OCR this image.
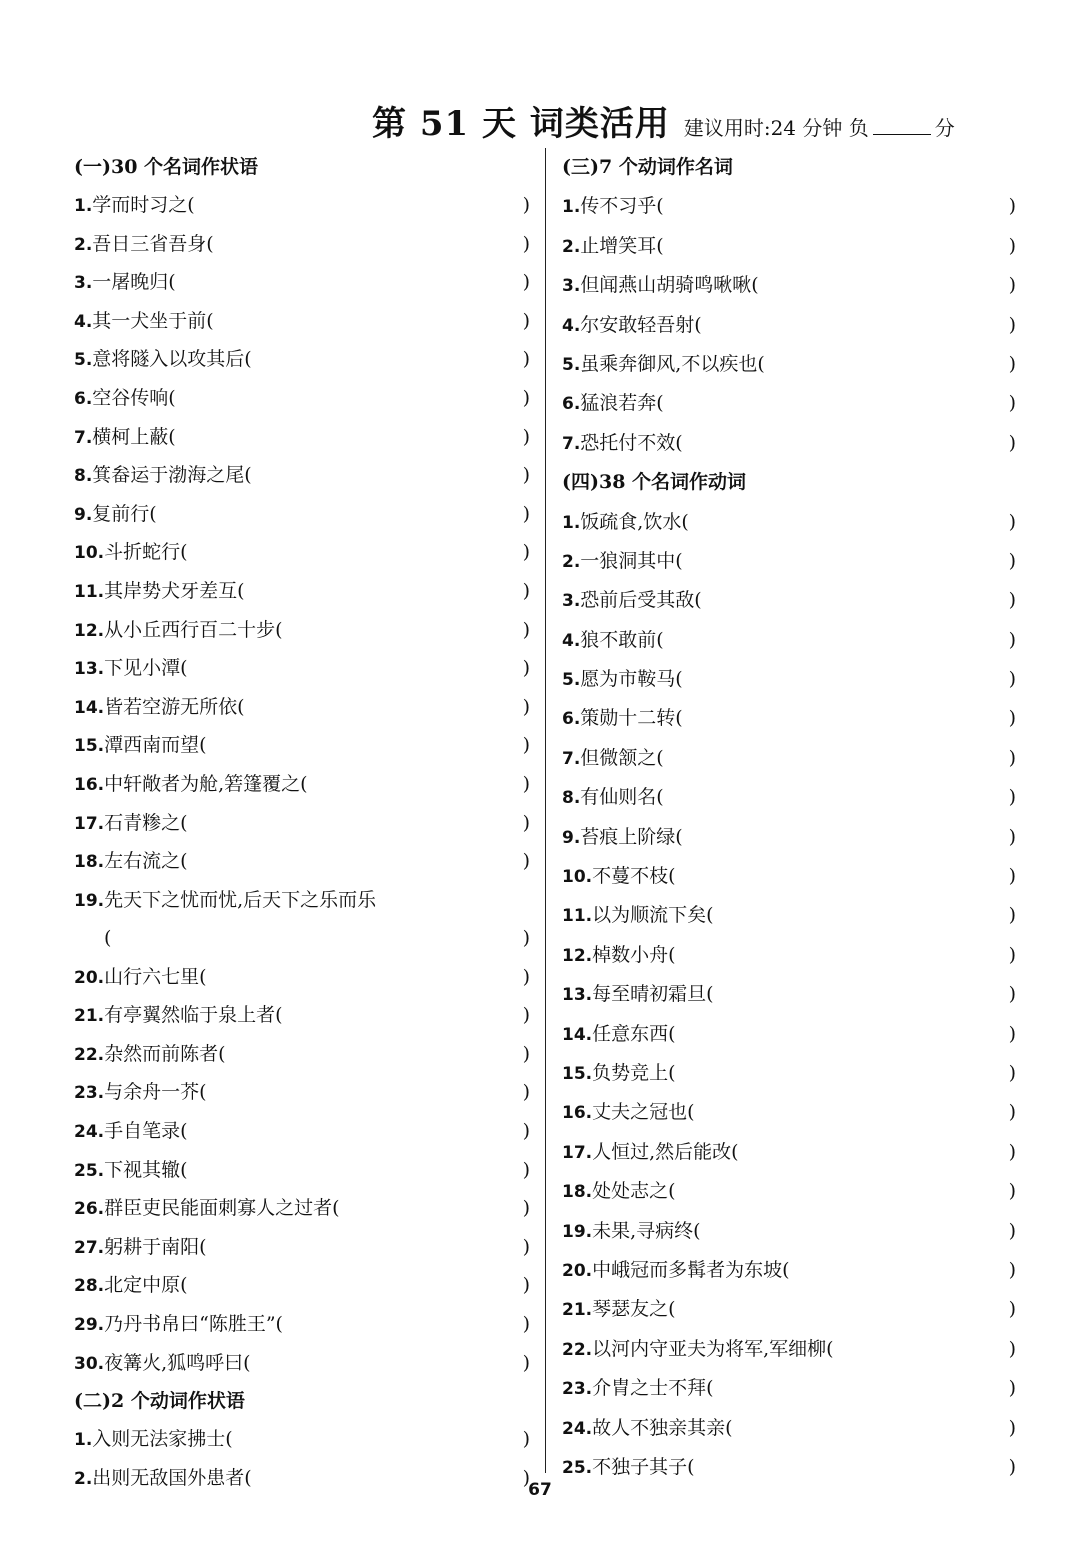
第 51 天 词类活用 建议用时:24 分钟 负	分
(一)30 个名词作状语
1.学而时习之(	)
2.吾日三省吾身(	)
3.一屠晚归(	)
4.其一犬坐于前(	)
5.意将隧入以攻其后(	)
6.空谷传响(	)
7.横柯上蔽(	)
8.箕畚运于渤海之尾(	)
9.复前行(	)
10.斗折蛇行(	)
11.其岸势犬牙差互(	)
12.从小丘西行百二十步(	)
13.下见小潭(	)
14.皆若空游无所依(	)
15.潭西南而望(	)
16.中轩敞者为舱,箬篷覆之(	)
17.石青糁之(	)
18.左右流之(	)
19.先天下之忧而忧,后天下之乐而乐
(	)
20.山行六七里(	)
21.有亭翼然临于泉上者(	)
22.杂然而前陈者(	)
23.与余舟一芥(	)
24.手自笔录(	)
25.下视其辙(	)
26.群臣吏民能面刺寡人之过者(	)
27.躬耕于南阳(	)
28.北定中原(	)
29.乃丹书帛曰“陈胜王”(	)
30.夜篝火,狐鸣呼曰(	)
(二)2 个动词作状语
1.入则无法家拂士(	)
2.出则无敌国外患者(	)
(三)7 个动词作名词
1.传不习乎(	)
2.止增笑耳(	)
3.但闻燕山胡骑鸣啾啾(	)
4.尔安敢轻吾射(	)
5.虽乘奔御风,不以疾也(	)
6.猛浪若奔(	)
7.恐托付不效(	)
(四)38 个名词作动词
1.饭疏食,饮水(	)
2.一狼洞其中(	)
3.恐前后受其敌(	)
4.狼不敢前(	)
5.愿为市鞍马(	)
6.策勋十二转(	)
7.但微颔之(	)
8.有仙则名(	)
9.苔痕上阶绿(	)
10.不蔓不枝(	)
11.以为顺流下矣(	)
12.棹数小舟(	)
13.每至晴初霜旦(	)
14.任意东西(	)
15.负势竞上(	)
16.丈夫之冠也(	)
17.人恒过,然后能改(	)
18.处处志之(	)
19.未果,寻病终(	)
20.中峨冠而多髯者为东坡(	)
21.琴瑟友之(	)
22.以河内守亚夫为将军,军细柳(	)
23.介胄之士不拜(	)
24.故人不独亲其亲(	)
25.不独子其子(	)
67
